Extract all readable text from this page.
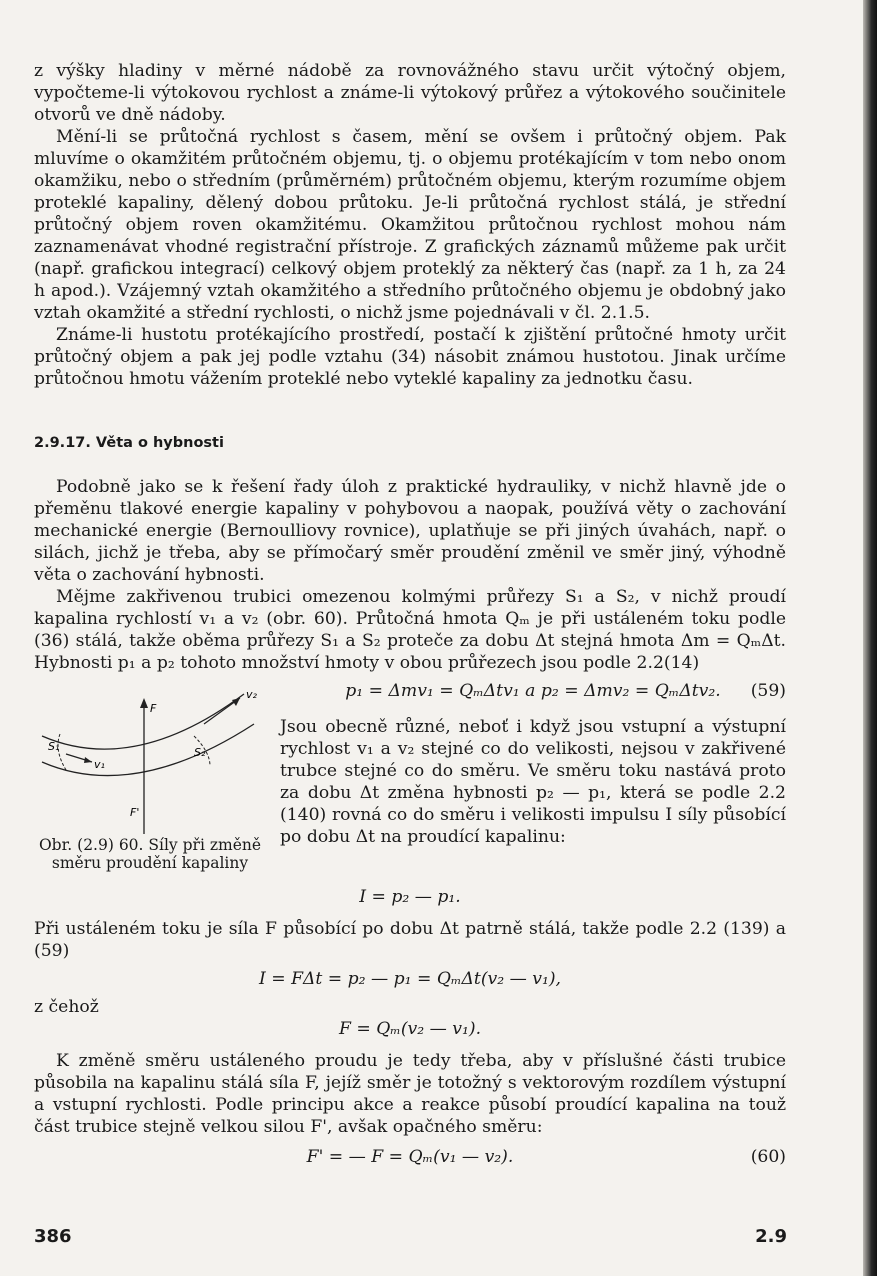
z výšky hladiny v měrné nádobě za rovnovážného stavu určit výtočný objem, vypočteme-li výtokovou rychlost a známe-li výtokový průřez a výtokového součinitele otvorů ve dně nádoby.

Mění-li se průtočná rychlost s časem, mění se ovšem i průtočný objem. Pak mluvíme o okamžitém průtočném objemu, tj. o objemu protékajícím v tom nebo onom okamžiku, nebo o středním (průměrném) průtočném objemu, kterým rozumíme objem proteklé kapaliny, dělený dobou průtoku. Je-li průtočná rychlost stálá, je střední průtočný objem roven okamžitému. Okamžitou průtočnou rychlost mohou nám zaznamenávat vhodné registrační přístroje. Z grafických záznamů můžeme pak určit (např. grafickou integrací) celkový objem proteklý za některý čas (např. za 1 h, za 24 h apod.). Vzájemný vztah okamžitého a středního průtočného objemu je obdobný jako vztah okamžité a střední rychlosti, o nichž jsme pojednávali v čl. 2.1.5.

Známe-li hustotu protékajícího prostředí, postačí k zjištění průtočné hmoty určit průtočný objem a pak jej podle vztahu (34) násobit známou hustotou. Jinak určíme průtočnou hmotu vážením proteklé nebo vyteklé kapaliny za jednotku času.

2.9.17. Věta o hybnosti

Podobně jako se k řešení řady úloh z praktické hydrauliky, v nichž hlavně jde o přeměnu tlakové energie kapaliny v pohybovou a naopak, používá věty o zachování mechanické energie (Bernoulliovy rovnice), uplatňuje se při jiných úvahách, např. o silách, jichž je třeba, aby se přímočarý směr proudění změnil ve směr jiný, výhodně věta o zachování hybnosti.

Mějme zakřivenou trubici omezenou kolmými průřezy S₁ a S₂, v nichž proudí kapalina rychlostí v₁ a v₂ (obr. 60). Průtočná hmota Qₘ je při ustáleném toku podle (36) stálá, takže oběma průřezy S₁ a S₂ proteče za dobu Δt stejná hmota Δm = QₘΔt. Hybnosti p₁ a p₂ tohoto množství hmoty v obou průřezech jsou podle 2.2(14)

F
F'
S₁	S₂
v₁
v₂
Obr. (2.9) 60. Síly při změně směru proudění kapaliny
p₁ = Δmv₁ = QₘΔtv₁ a p₂ = Δmv₂ = QₘΔtv₂. (59)

Jsou obecně různé, neboť i když jsou vstupní a výstupní rychlost v₁ a v₂ stejné co do velikosti, nejsou v zakřivené trubce stejné co do směru. Ve směru toku nastává proto za dobu Δt změna hybnosti p₂ — p₁, která se podle 2.2 (140) rovná co do směru i velikosti impulsu I síly působící po dobu Δt na proudící kapalinu:

I = p₂ — p₁.

Při ustáleném toku je síla F působící po dobu Δt patrně stálá, takže podle 2.2 (139) a (59)

I = FΔt = p₂ — p₁ = QₘΔt(v₂ — v₁),

z čehož

F = Qₘ(v₂ — v₁).

K změně směru ustáleného proudu je tedy třeba, aby v příslušné části trubice působila na kapalinu stálá síla F, jejíž směr je totožný s vektorovým rozdílem výstupní a vstupní rychlosti. Podle principu akce a reakce působí proudící kapalina na touž část trubice stejně velkou silou F', avšak opačného směru:

F' = — F = Qₘ(v₁ — v₂).	(60)
386	2.9
